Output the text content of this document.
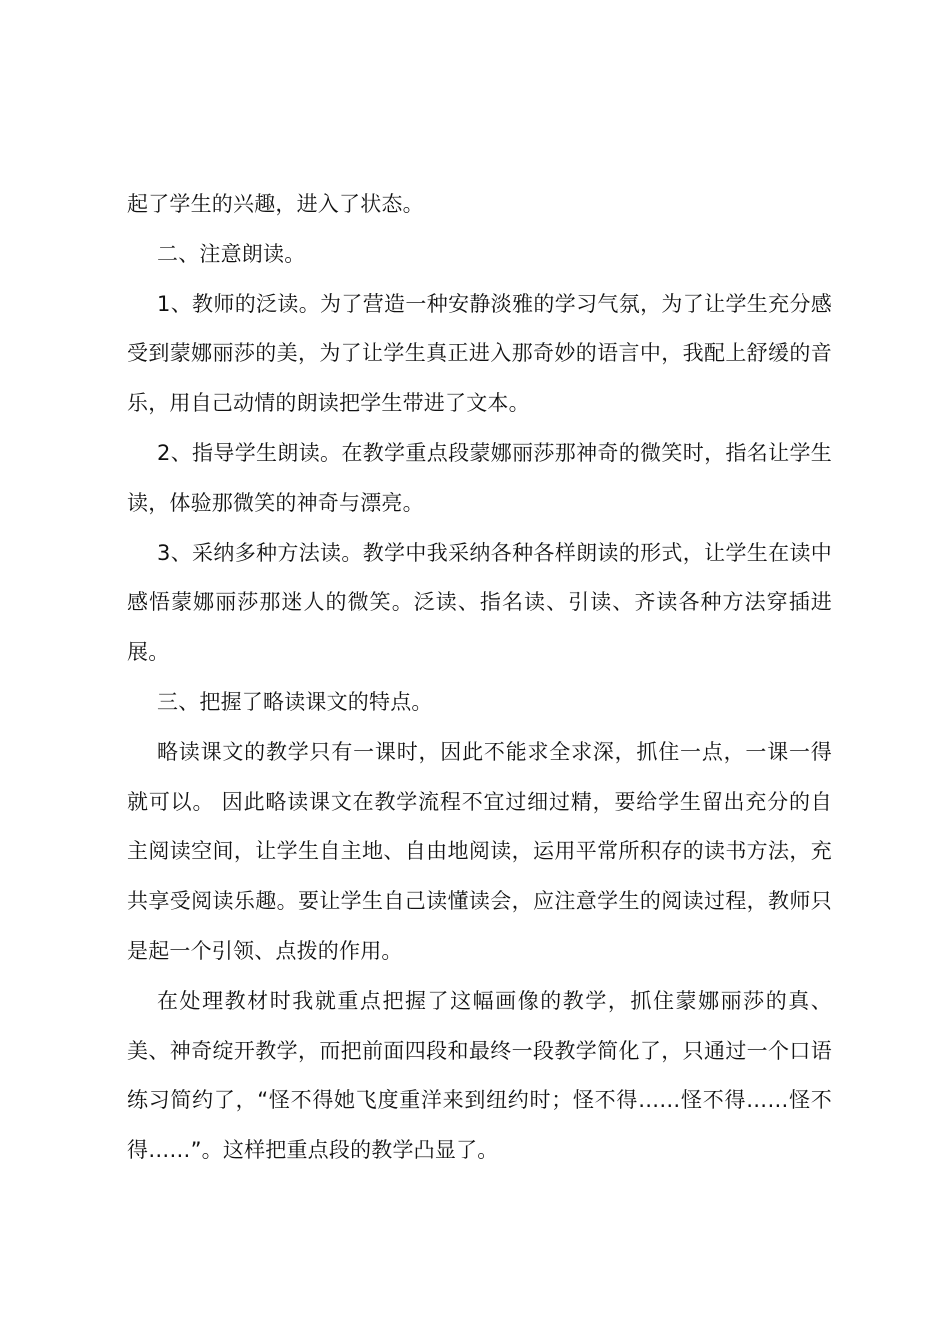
起了学生的兴趣，进入了状态。

二、注意朗读。

1、教师的泛读。为了营造一种安静淡雅的学习气氛，为了让学生充分感受到蒙娜丽莎的美，为了让学生真正进入那奇妙的语言中，我配上舒缓的音乐，用自己动情的朗读把学生带进了文本。

2、指导学生朗读。在教学重点段蒙娜丽莎那神奇的微笑时，指名让学生读，体验那微笑的神奇与漂亮。

3、采纳多种方法读。教学中我采纳各种各样朗读的形式，让学生在读中感悟蒙娜丽莎那迷人的微笑。泛读、指名读、引读、齐读各种方法穿插进展。

三、把握了略读课文的特点。

略读课文的教学只有一课时，因此不能求全求深，抓住一点，一课一得就可以。 因此略读课文在教学流程不宜过细过精，要给学生留出充分的自主阅读空间，让学生自主地、自由地阅读，运用平常所积存的读书方法，充共享受阅读乐趣。要让学生自己读懂读会，应注意学生的阅读过程，教师只是起一个引领、点拨的作用。

在处理教材时我就重点把握了这幅画像的教学，抓住蒙娜丽莎的真、美、神奇绽开教学，而把前面四段和最终一段教学简化了，只通过一个口语练习简约了，“怪不得她飞度重洋来到纽约时；怪不得……怪不得……怪不得……”。这样把重点段的教学凸显了。
